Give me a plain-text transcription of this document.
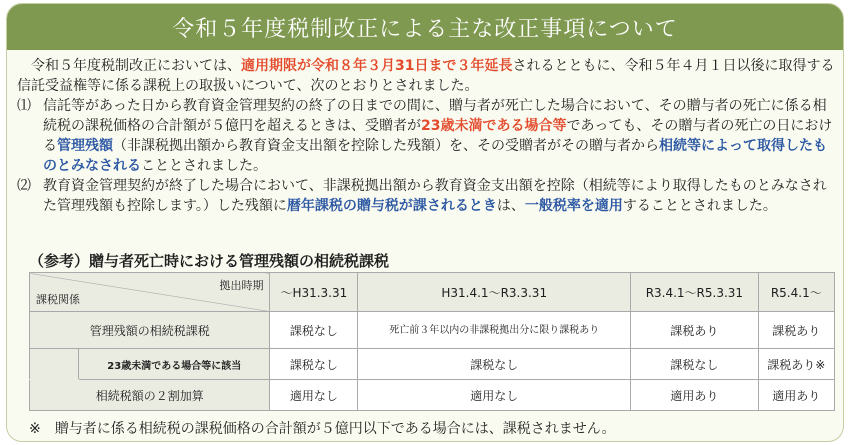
令和５年度税制改正による主な改正事項について

令和５年度税制改正においては、適用期限が令和８年３月31日まで３年延長されるとともに、令和５年４月１日以後に取得する信託受益権等に係る課税上の取扱いについて、次のとおりとされました。

⑴ 信託等があった日から教育資金管理契約の終了の日までの間に、贈与者が死亡した場合において、その贈与者の死亡に係る相続税の課税価格の合計額が５億円を超えるときは、受贈者が23歳未満である場合等であっても、その贈与者の死亡の日における管理残額（非課税拠出額から教育資金支出額を控除した残額）を、その受贈者がその贈与者から相続等によって取得したものとみなされることとされました。
⑵ 教育資金管理契約が終了した場合において、非課税拠出額から教育資金支出額を控除（相続等により取得したものとみなされた管理残額も控除します。）した残額に暦年課税の贈与税が課されるときは、一般税率を適用することとされました。
（参考）贈与者死亡時における管理残額の相続税課税
拠出時期
課税関係		～H31.3.31	H31.4.1～R3.3.31	R3.4.1～R5.3.31	R5.4.1～
管理残額の相続税課税		課税なし	死亡前３年以内の非課税拠出分に限り課税あり	課税あり	課税あり
	23歳未満である場合等に該当	課税なし	課税なし	課税なし	課税あり※
相続税額の２割加算		適用なし	適用なし	適用あり	適用あり
※　贈与者に係る相続税の課税価格の合計額が５億円以下である場合には、課税されません。
